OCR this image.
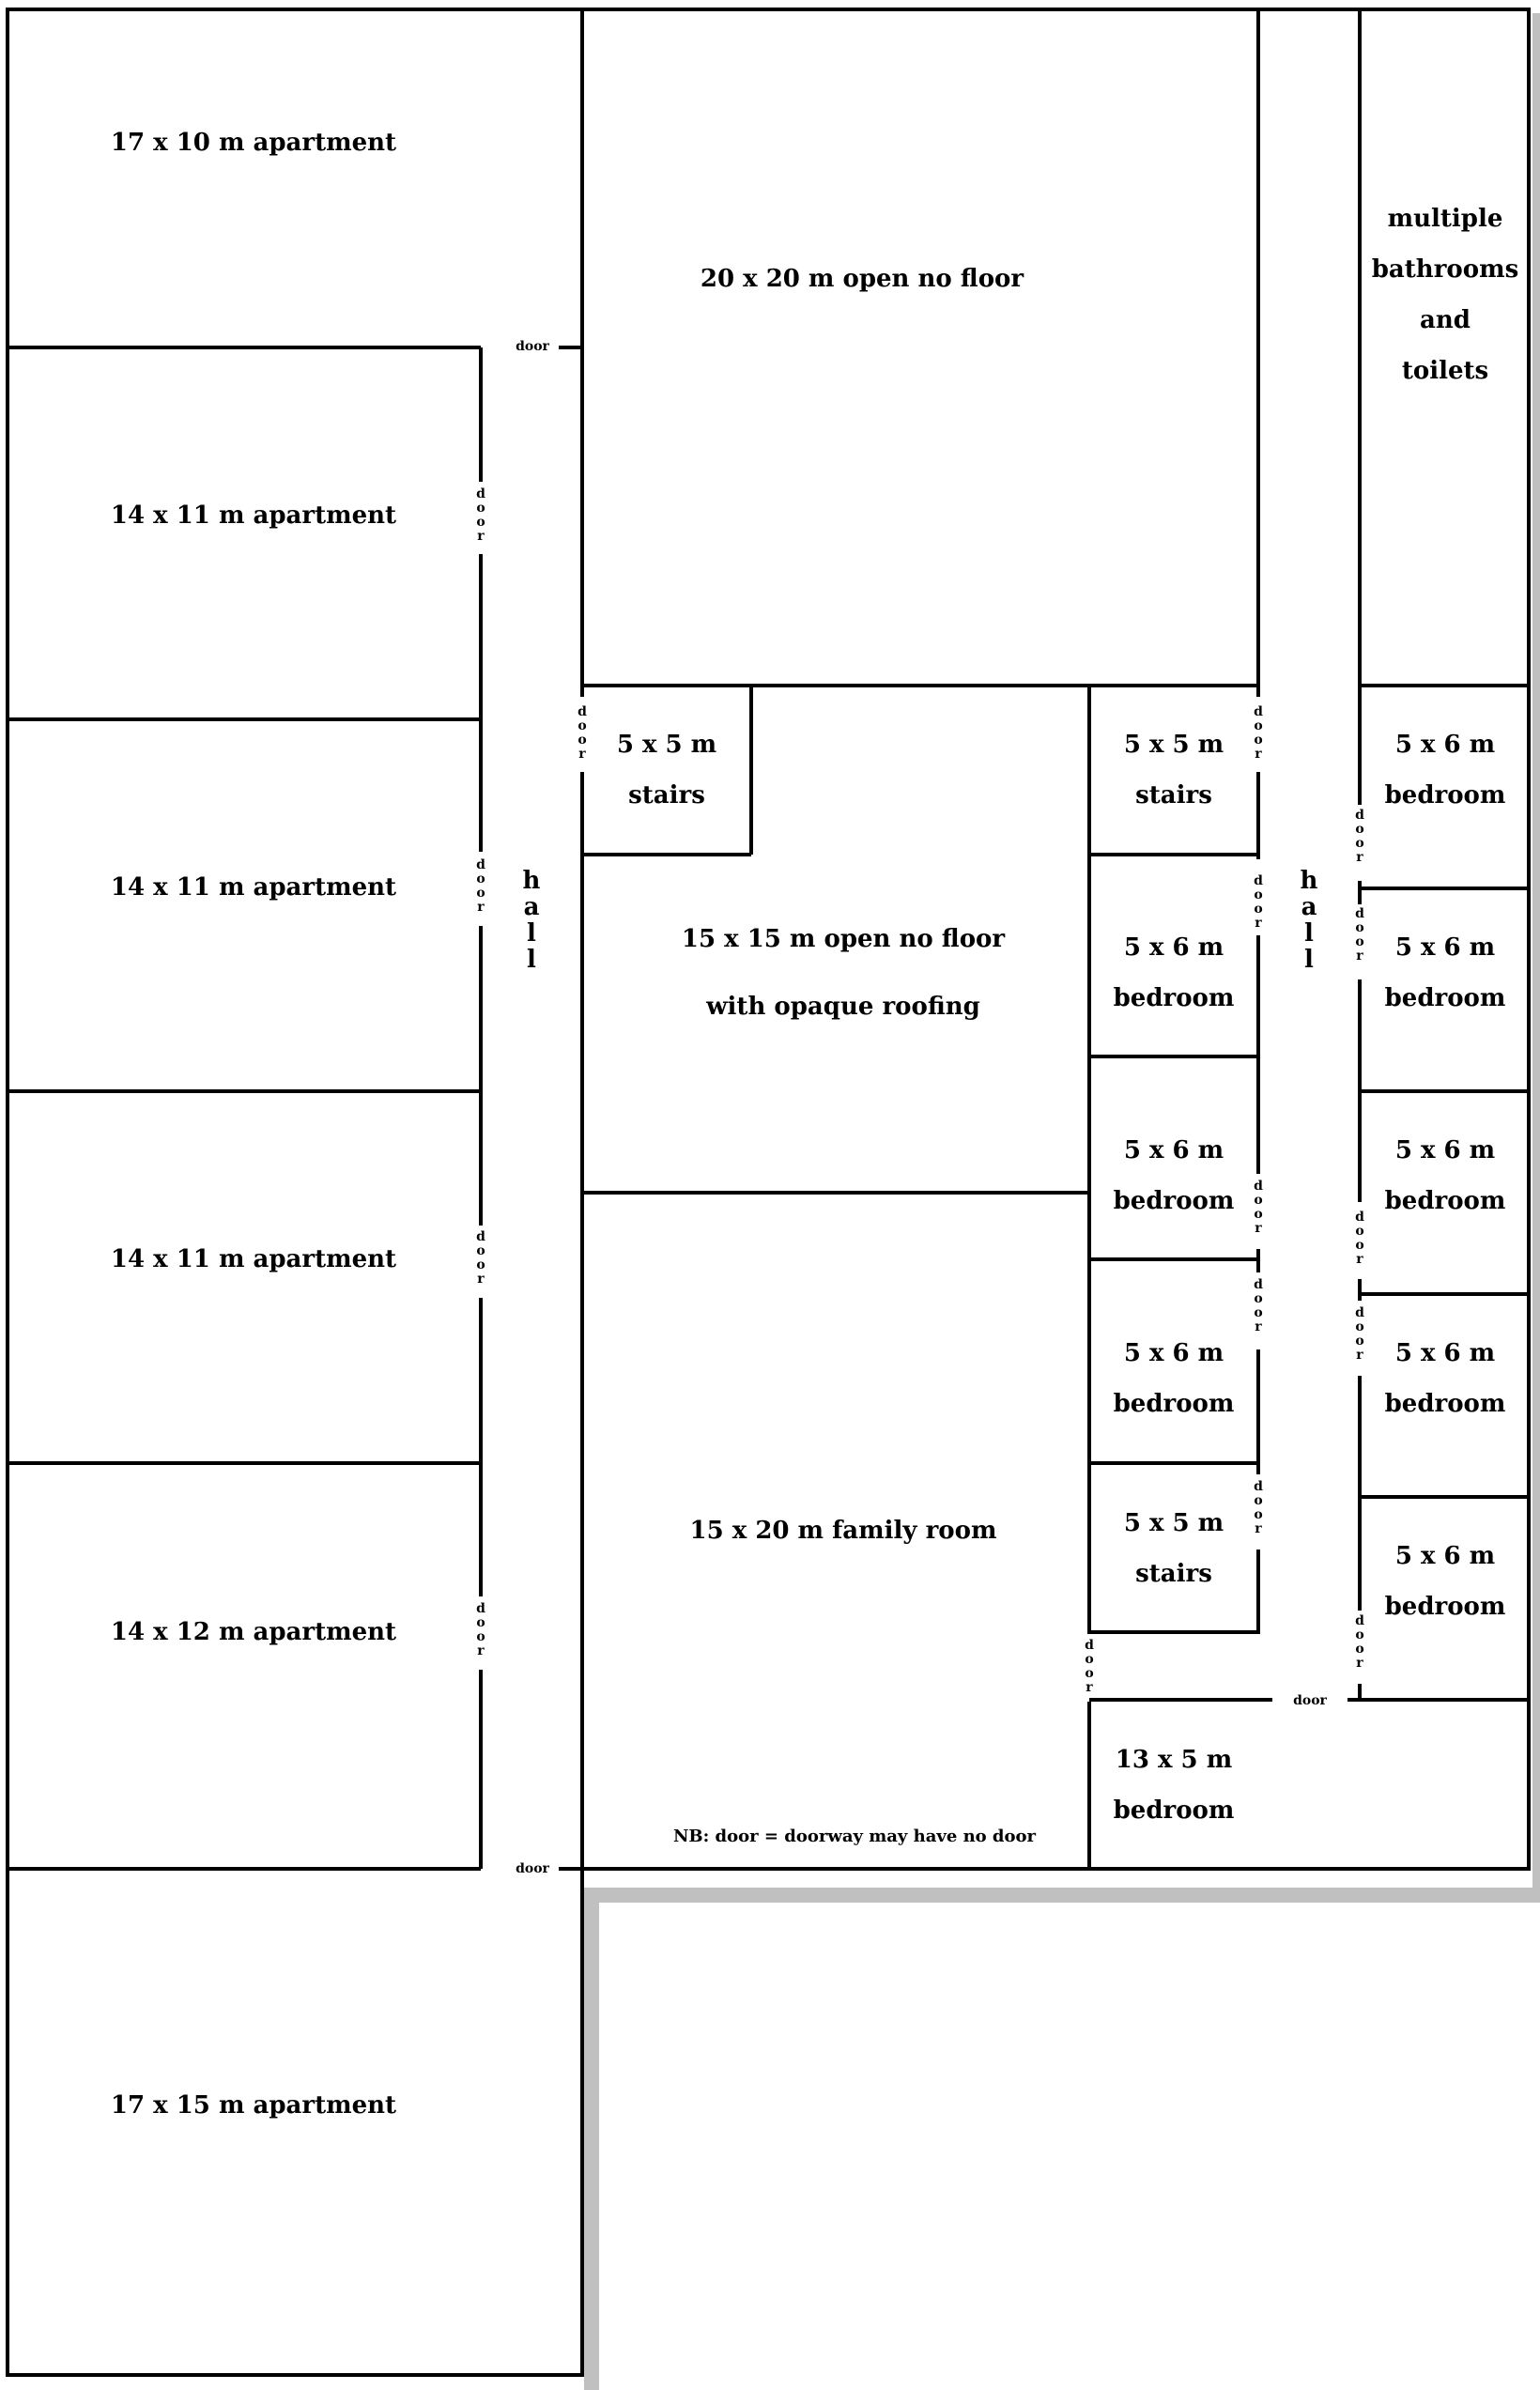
17 x 10 m apartment
14 x 11 m apartment
14 x 11 m apartment
14 x 11 m apartment
14 x 12 m apartment
17 x 15 m apartment
20 x 20 m open no floor
multiple
bathrooms
and
toilets
5 x 5 m
stairs
15 x 15 m open no floor
with opaque roofing
15 x 20 m family room
5 x 5 m
stairs
5 x 6 m
bedroom
5 x 6 m
bedroom
5 x 6 m
bedroom
5 x 5 m
stairs
13 x 5 m
bedroom
5 x 6 m
bedroom
5 x 6 m
bedroom
5 x 6 m
bedroom
5 x 6 m
bedroom
5 x 6 m
bedroom
door
door
door
d o o r
d o o r
d o o r
d o o r
d o o r
d o o r
d o o r
d o o r
d o o r
d o o r
d o o r
d o o r
d o o r
d o o r
d o o r
d o o r
h a l l
h a l l
NB: door = doorway may have no door
